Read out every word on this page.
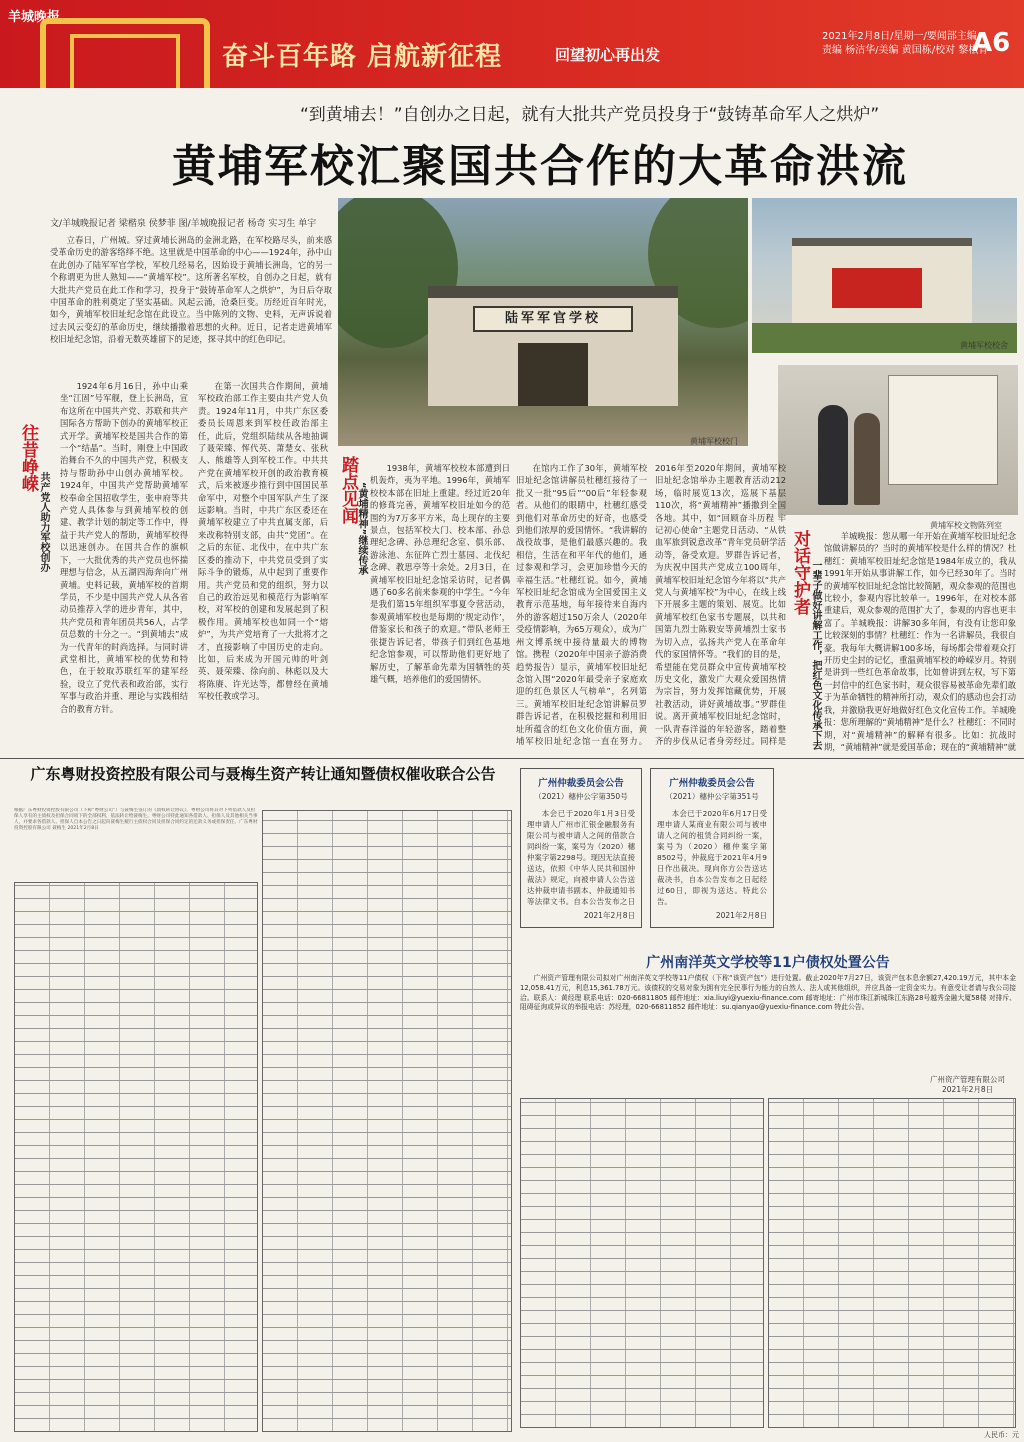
羊城晚报
奋斗百年路 启航新征程	回望初心再出发
2021年2月8日/星期一/要闻部主编
责编 杨洁华/美编 黄国栋/校对 黎松青
A6
“到黄埔去！”自创办之日起，就有大批共产党员投身于“鼓铸革命军人之烘炉”
黄埔军校汇聚国共合作的大革命洪流
文/羊城晚报记者 梁楷泉 侯梦菲 图/羊城晚报记者 杨奇 实习生 单宇
立春日，广州城。穿过黄埔长洲岛的金洲北路，在军校路尽头，前来感受革命历史的游客络绎不绝。这里就是中国革命的中心——1924年，孙中山在此创办了陆军军官学校，军校几经易名，因始设于黄埔长洲岛，它的另一个称谓更为世人熟知——“黄埔军校”。这所著名军校，自创办之日起，就有大批共产党员在此工作和学习，投身于“鼓铸革命军人之烘炉”，为日后夺取中国革命的胜利奠定了坚实基础。风起云涌，沧桑巨变。历经近百年时光，如今，黄埔军校旧址纪念馆在此设立。当中陈列的文物、史料，无声诉说着过去风云变幻的革命历史，继续播撒着思想的火种。近日，记者走进黄埔军校旧址纪念馆，沿着无数英雄留下的足迹，探寻其中的红色印记。
陆军军官学校
黄埔军校校门
黄埔军校校舍
黄埔军校文物陈列室
往昔峥嵘
共产党人助力军校创办
1924年6月16日，孙中山乘坐“江固”号军舰，登上长洲岛，宣布这所在中国共产党、苏联和共产国际各方帮助下创办的黄埔军校正式开学。黄埔军校是国共合作的第一个“结晶”。当时，刚登上中国政治舞台不久的中国共产党，积极支持与帮助孙中山创办黄埔军校。1924年，中国共产党帮助黄埔军校奉命全国招收学生，张申府等共产党人具体参与到黄埔军校的创建、教学计划的制定等工作中，得益于共产党人的帮助，黄埔军校得以迅速创办。在国共合作的旗帜下，一大批优秀的共产党员也怀揣理想与信念，从五湖四海奔向广州黄埔。史料记载，黄埔军校的首期学员，不少是中国共产党人从各省动员推荐入学的进步青年，其中，共产党员和青年团员共56人，占学员总数的十分之一。“到黄埔去”成为一代青年的时尚选择。与同时讲武堂相比，黄埔军校的优势和特色，在于较取苏联红军的建军经验，设立了党代表和政治部，实行军事与政治并重、理论与实践相结合的教育方针。
在第一次国共合作期间，黄埔军校政治部工作主要由共产党人负责。1924年11月，中共广东区委委员长周恩来到军校任政治部主任，此后，党组织陆续从各地抽调了聂荣臻、恽代英、萧楚女、张秋人、熊雄等人到军校工作。中共共产党在黄埔军校开创的政治教育模式，后来被逐步推行到中国国民革命军中，对整个中国军队产生了深远影响。当时，中共广东区委还在黄埔军校建立了中共直属支部，后来改称特别支部，由共“党团”。在之后的东征、北伐中，在中共广东区委的推动下，中共党员受到了实际斗争的锻炼，从中起到了重要作用。共产党员和党的组织，努力以自己的政治远见和模范行为影响军校，对军校的创建和发展起到了积极作用。黄埔军校也如同一个“熔炉”，为共产党培育了一大批将才之才，直接影响了中国历史的走向。比如，后来成为开国元帅的叶剑英、聂荣臻、徐向前、林彪以及大将陈赓、许光达等，都曾经在黄埔军校任教或学习。
踏点见闻
“黄埔精神”继续传承
1938年，黄埔军校校本部遭到日机轰炸，夷为平地。1996年，黄埔军校校本部在旧址上重建。经过近20年的修葺完善，黄埔军校旧址如今的范围约为7万多平方米，岛上现存的主要景点，包括军校大门、校本部、孙总理纪念碑、孙总理纪念室、俱乐部、游泳池、东征阵亡烈士墓园、北伐纪念碑、教思亭等十余处。2月3日，在黄埔军校旧址纪念馆采访时，记者偶遇了60多名前来参观的中学生。“今年是我们第15年组织军事夏令营活动，参观黄埔军校也是每期的‘规定动作’，借鉴家长和孩子的欢迎。”带队老师王张捷告诉记者，带孩子们到红色基地纪念馆参观，可以帮助他们更好地了解历史，了解革命先辈为国牺牲的英雄气概，培养他们的爱国情怀。
在馆内工作了30年，黄埔军校旧址纪念馆讲解员杜穗红接待了一批又一批“95后”“00后”年轻参观者。从他们的眼睛中，杜穗红感受到他们对革命历史的好奇，也感受到他们浓厚的爱国情怀。“我讲解的战役故事，是他们最感兴趣的。我相信，生活在和平年代的他们，通过参观和学习，会更加珍惜今天的幸福生活。”杜穗红说。如今，黄埔军校旧址纪念馆成为全国爱国主义教育示范基地，每年接待来自海内外的游客超过150万余人（2020年受疫情影响，为65万观众），成为广州文博系统中接待量最大的博物馆。携程（2020年中国亲子游消费趋势报告）显示，黄埔军校旧址纪念馆入围“2020年最受亲子家庭欢迎的红色景区人气榜单”，名列第三。黄埔军校旧址纪念馆讲解员罗群告诉记者，在积极挖掘和利用旧址所蕴含的红色文化价值方面，黄埔军校旧址纪念馆一直在努力。2016年至2020年期间，黄埔军校旧址纪念馆举办主题教育活动212场，临时展览13次，巡展下基层110次，将“黄埔精神”播撒到全国各地。其中，如“回顾奋斗历程 牢记初心使命”主题党日活动、“从铁血军旅到锐意改革”青年党员研学活动等，备受欢迎。罗群告诉记者，为庆祝中国共产党成立100周年，黄埔军校旧址纪念馆今年将以“共产党人与黄埔军校”为中心，在线上线下开展多主题的策划、展览。比如黄埔军校红色家书专题展，以共和国第九烈士陈毅安等黄埔烈士家书为切入点，弘扬共产党人在革命年代的家国情怀等。“我们的目的是，希望能在党员群众中宣传黄埔军校历史文化，激发广大观众爱国热情为宗旨，努力发挥馆藏优势，开展社教活动，讲好黄埔故事。”罗群佳说。离开黄埔军校旧址纪念馆时，一队青春洋溢的年轻游客，踏着整齐的步伐从记者身旁经过。同样是
对话守护者 一辈子做好讲解工作，把红色文化传承下去
羊城晚报：您从哪一年开始在黄埔军校旧址纪念馆做讲解员的？当时的黄埔军校是什么样的情况？杜穗红：黄埔军校旧址纪念馆是1984年成立的，我从1991年开始从事讲解工作，如今已经30年了。当时的黄埔军校旧址纪念馆比较简陋，观众参观的范围也比较小，参观内容比较单一。1996年，在对校本部重建后，观众参观的范围扩大了，参观的内容也更丰富了。羊城晚报：讲解30多年间，有没有让您印象比较深刻的事情？杜穗红：作为一名讲解员，我很自豪。我每年大概讲解100多场，每场都会带着观众打开历史尘封的记忆，重温黄埔军校的峥嵘岁月。特别是讲到一些红色革命故事，比如曾讲到左权，写下第一封信中的红色家书时，观众很容易被革命先辈们敢于为革命牺牲的精神所打动，观众们的感动也会打动我，并激励我更好地做好红色文化宣传工作。羊城晚报：您所理解的“黄埔精神”是什么？杜穗红：不同时期，对“黄埔精神”的解释有很多。比如：抗战时期，“黄埔精神”就是爱国革命；现在的“黄埔精神”就
广东粤财投资控股有限公司与聂梅生资产转让通知暨债权催收联合公告
根据广东粤财投资控股有限公司（下称“粤财公司”）与聂梅生签订的《债权转让协议》，粤财公司将其对下列借款人及担保人享有的主债权及担保合同项下的全部权利，依法转让给聂梅生。粤财公司特此通知各借款人、担保人及其他相关当事人，并要求各借款人、担保人自本公告之日起向聂梅生履行主债权合同及担保合同约定的还款义务或担保责任。广东粤财投资控股有限公司 聂梅生 2021年2月8日
广州仲裁委员会公告
（2021）穗仲公字第350号
本会已于2020年1月3日受理申请人广州市汇银金融服务有限公司与被申请人之间的借款合同纠纷一案，案号为（2020）穗仲案字第2298号。现因无法直接送达，依照《中华人民共和国仲裁法》规定，向被申请人公告送达仲裁申请书副本、仲裁通知书等法律文书。自本公告发布之日
2021年2月8日
广州仲裁委员会公告
（2021）穗仲公字第351号
本会已于2020年6月17日受理申请人某商业有限公司与被申请人之间的租赁合同纠纷一案，案号为（2020）穗仲案字第8502号，仲裁庭于2021年4月9日作出裁决。现向你方公告送达裁决书，自本公告发布之日起经过60日，即视为送达。特此公告。
2021年2月8日
广州南洋英文学校等11户债权处置公告
广州资产管理有限公司拟对广州南洋英文学校等11户债权（下称“该资产包”）进行处置。截止2020年7月27日，该资产包本息余额27,420.19万元，其中本金12,058.41万元，利息15,361.78万元。该债权的交易对象为拥有完全民事行为能力的自然人、法人或其他组织，并应具备一定资金实力。有意受让者请与我公司接洽。联系人：黄经理 联系电话：020-66811805 邮件地址：xia.liuyi@yuexiu-finance.com 邮寄地址：广州市珠江新城珠江东路28号越秀金融大厦58楼 对排斥、阻碍征询或异议的举报电话：苏经理，020-66811852 邮件地址：su.qianyao@yuexiu-finance.com 特此公告。
广州资产管理有限公司
2021年2月8日
人民币：元
